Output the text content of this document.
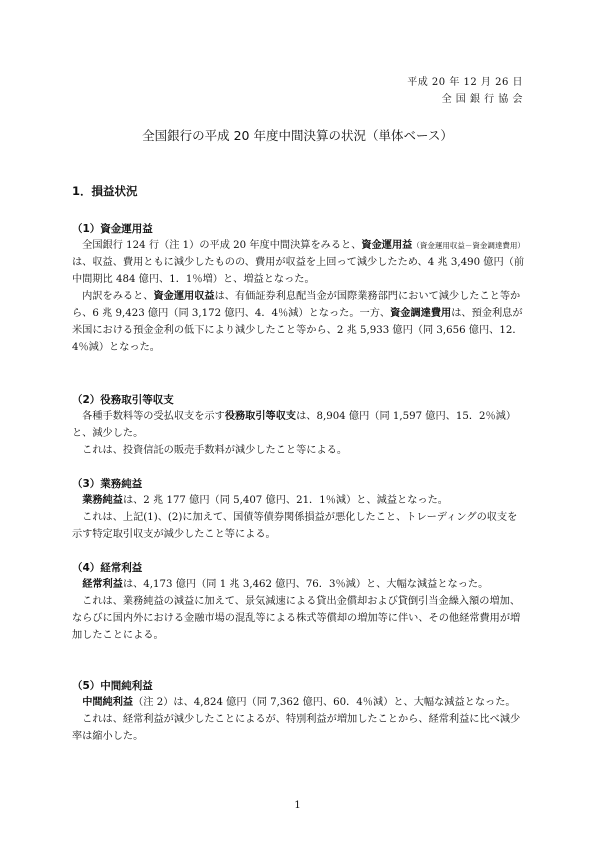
平成 20 年 12 月 26 日
全 国 銀 行 協 会
全国銀行の平成 20 年度中間決算の状況（単体ベース）
1．損益状況
（1）資金運用益

　全国銀行 124 行（注 1）の平成 20 年度中間決算をみると、資金運用益（資金運用収益－資金調達費用）は、収益、費用ともに減少したものの、費用が収益を上回って減少したため、4 兆 3,490 億円（前中間期比 484 億円、1．1％増）と、増益となった。

　内訳をみると、資金運用収益は、有価証券利息配当金が国際業務部門において減少したこと等から、6 兆 9,423 億円（同 3,172 億円、4．4％減）となった。一方、資金調達費用は、預金利息が米国における預金金利の低下により減少したこと等から、2 兆 5,933 億円（同 3,656 億円、12．4％減）となった。

（2）役務取引等収支

　各種手数料等の受払収支を示す役務取引等収支は、8,904 億円（同 1,597 億円、15．2％減）と、減少した。

　これは、投資信託の販売手数料が減少したこと等による。

（3）業務純益

　業務純益は、2 兆 177 億円（同 5,407 億円、21．1％減）と、減益となった。

　これは、上記(1)、(2)に加えて、国債等債券関係損益が悪化したこと、トレーディングの収支を示す特定取引収支が減少したこと等による。

（4）経常利益

　経常利益は、4,173 億円（同 1 兆 3,462 億円、76．3％減）と、大幅な減益となった。

　これは、業務純益の減益に加えて、景気減速による貸出金償却および貸倒引当金繰入額の増加、ならびに国内外における金融市場の混乱等による株式等償却の増加等に伴い、その他経常費用が増加したことによる。

（5）中間純利益

　中間純利益（注 2）は、4,824 億円（同 7,362 億円、60．4％減）と、大幅な減益となった。

　これは、経常利益が減少したことによるが、特別利益が増加したことから、経常利益に比べ減少率は縮小した。

1
